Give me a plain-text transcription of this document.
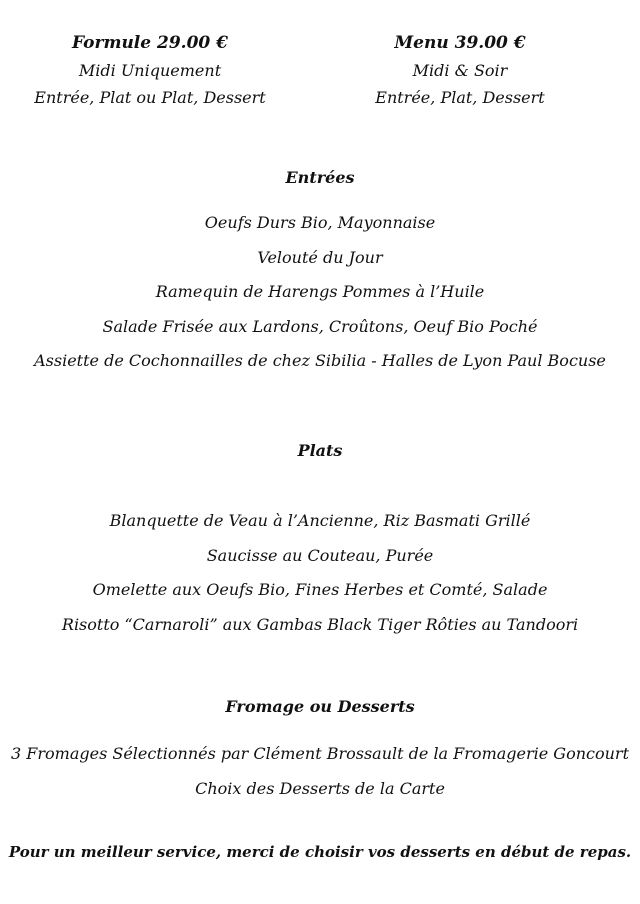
Formule 29.00 €
Midi Uniquement
Entrée, Plat ou Plat, Dessert
Menu 39.00 €
Midi & Soir
Entrée, Plat, Dessert
Entrées
Oeufs Durs Bio, Mayonnaise
Velouté du Jour
Ramequin de Harengs Pommes à l’Huile
Salade Frisée aux Lardons, Croûtons, Oeuf Bio Poché
Assiette de Cochonnailles de chez Sibilia - Halles de Lyon Paul Bocuse
Plats
Blanquette de Veau à l’Ancienne, Riz Basmati Grillé
Saucisse au Couteau, Purée
Omelette aux Oeufs Bio, Fines Herbes et Comté, Salade
Risotto “Carnaroli” aux Gambas Black Tiger Rôties au Tandoori
Fromage ou Desserts
3 Fromages Sélectionnés par Clément Brossault de la Fromagerie Goncourt
Choix des Desserts de la Carte
Pour un meilleur service, merci de choisir vos desserts en début de repas.
